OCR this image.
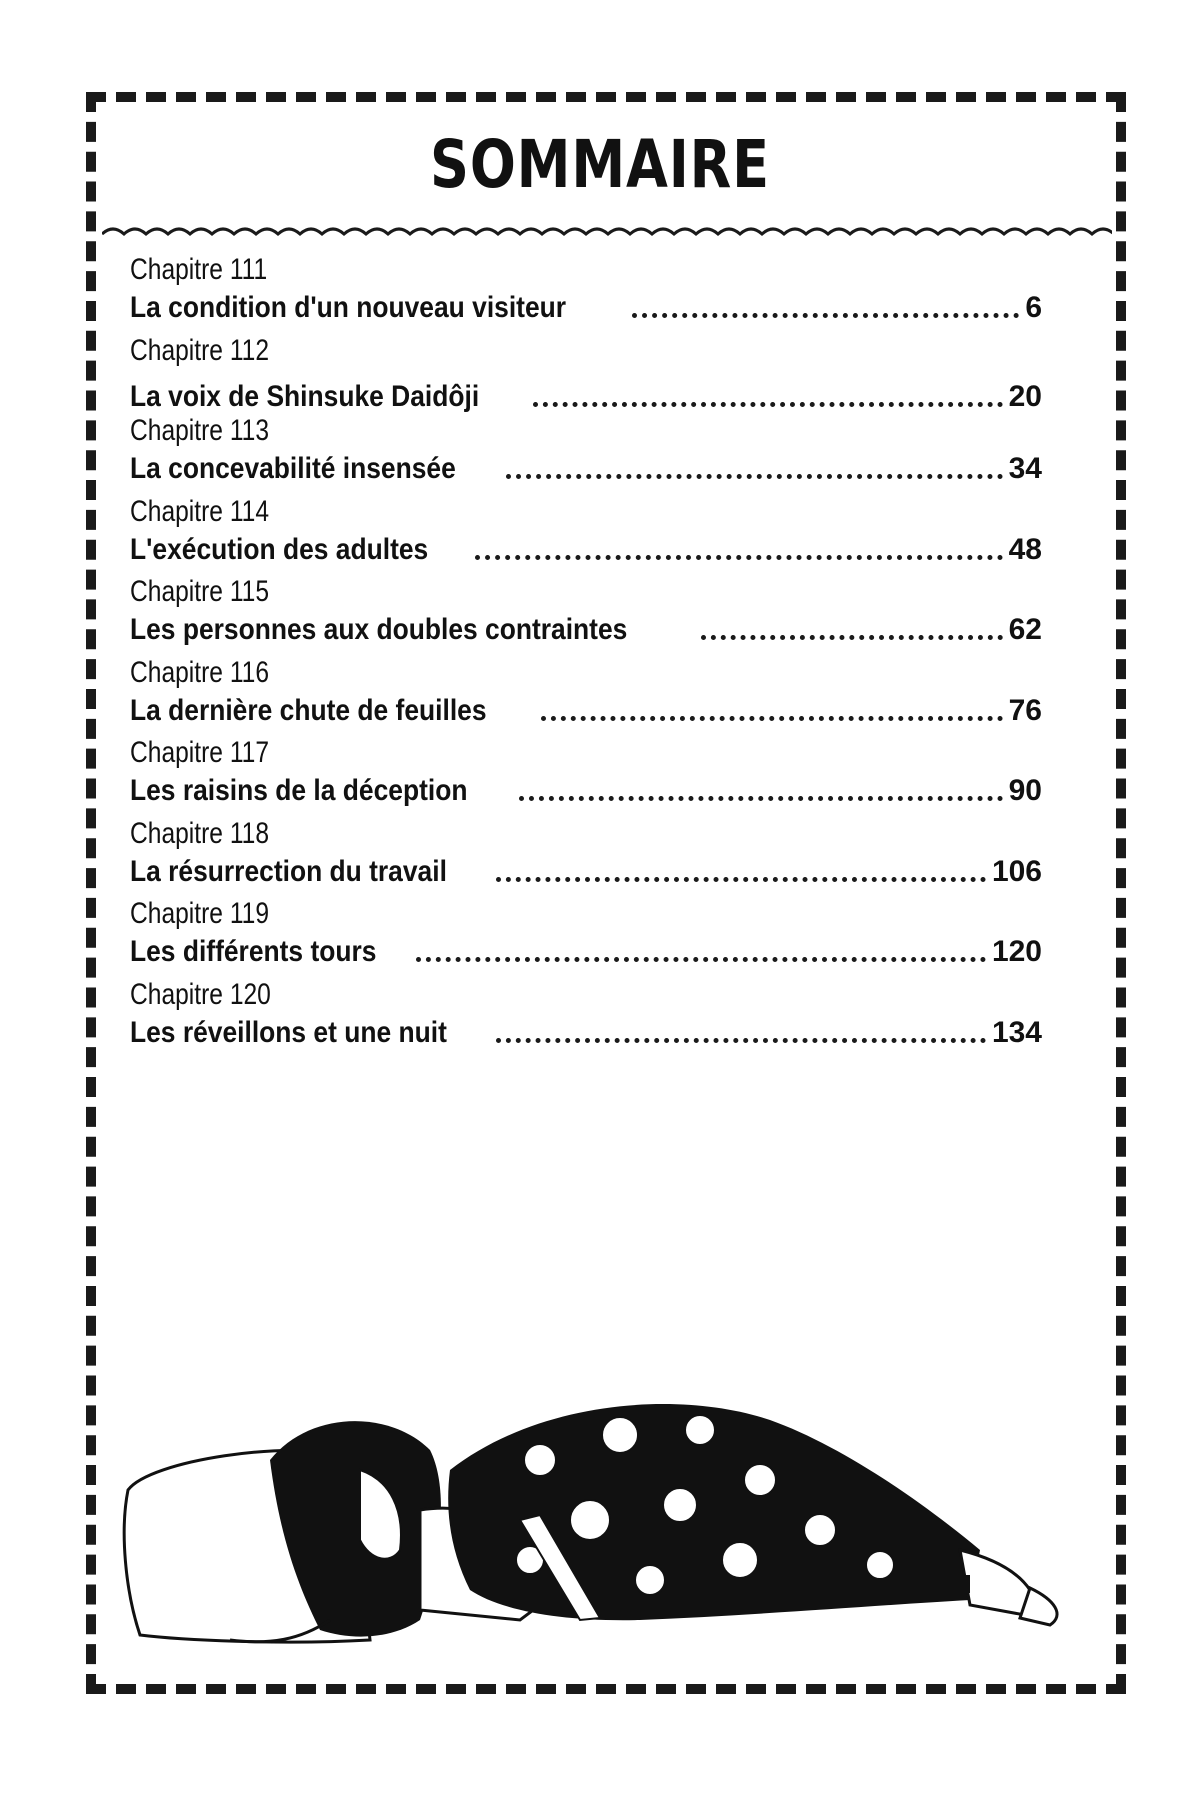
SOMMAIRE
Chapitre 111
La condition d'un nouveau visiteur	6
Chapitre 112
La voix de Shinsuke Daidôji	20
Chapitre 113
La concevabilité insensée	34
Chapitre 114
L'exécution des adultes	48
Chapitre 115
Les personnes aux doubles contraintes	62
Chapitre 116
La dernière chute de feuilles	76
Chapitre 117
Les raisins de la déception	90
Chapitre 118
La résurrection du travail	106
Chapitre 119
Les différents tours	120
Chapitre 120
Les réveillons et une nuit	134
